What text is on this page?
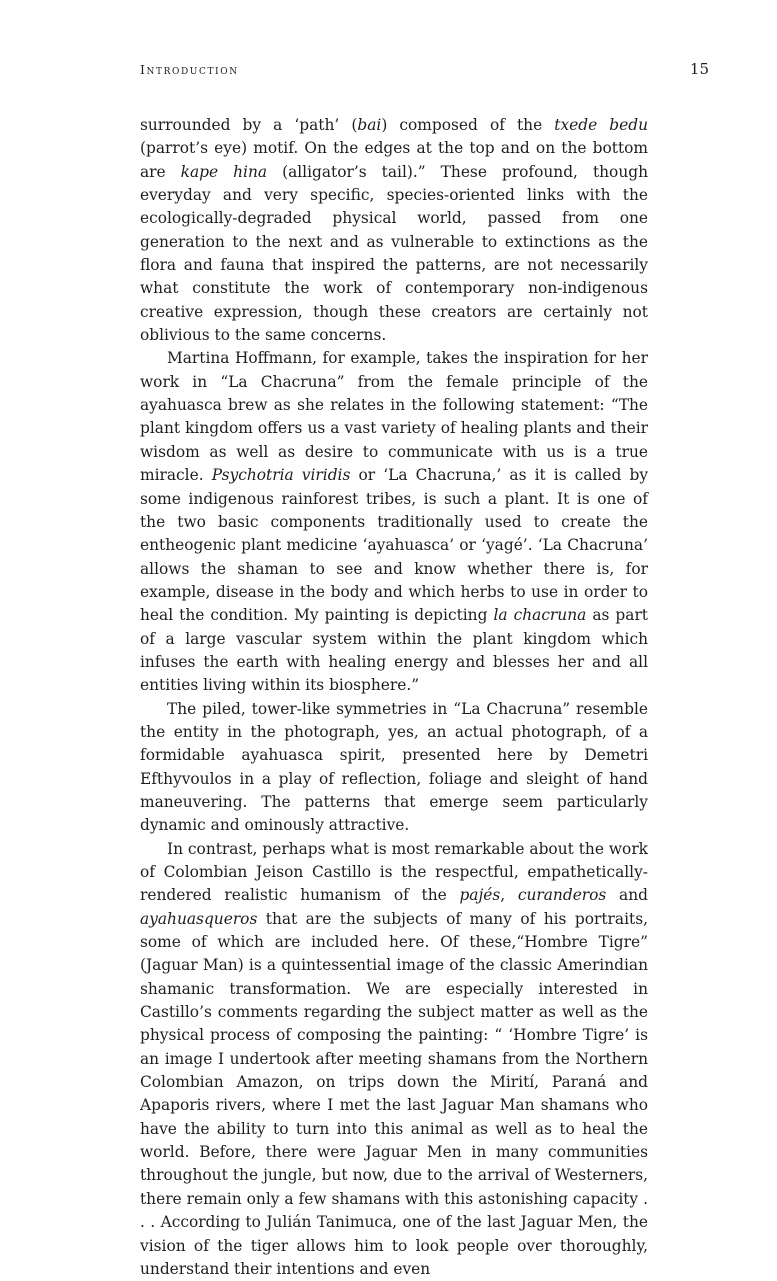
Introduction	15

surrounded by a ‘path’ (bai) composed of the txede bedu (parrot’s eye) motif. On the edges at the top and on the bottom are kape hina (alligator’s tail).” These profound, though everyday and very specific, species-oriented links with the ecologically-degraded physical world, passed from one generation to the next and as vulnerable to extinctions as the flora and fauna that inspired the patterns, are not necessarily what constitute the work of contemporary non-indigenous creative expression, though these creators are certainly not oblivious to the same concerns.

Martina Hoffmann, for example, takes the inspiration for her work in “La Chacruna” from the female principle of the ayahuasca brew as she relates in the following statement: “The plant kingdom offers us a vast variety of healing plants and their wisdom as well as desire to communicate with us is a true miracle. Psychotria viridis or ‘La Chacruna,’ as it is called by some indigenous rainforest tribes, is such a plant. It is one of the two basic components traditionally used to create the entheogenic plant medicine ‘ayahuasca’ or ‘yagé’. ‘La Chacruna’ allows the shaman to see and know whether there is, for example, disease in the body and which herbs to use in order to heal the condition. My painting is depicting la chacruna as part of a large vascular system within the plant kingdom which infuses the earth with healing energy and blesses her and all entities living within its biosphere.”

The piled, tower-like symmetries in “La Chacruna” resemble the entity in the photograph, yes, an actual photograph, of a formidable ayahuasca spirit, presented here by Demetri Efthyvoulos in a play of reflection, foliage and sleight of hand maneuvering. The patterns that emerge seem particularly dynamic and ominously attractive.

In contrast, perhaps what is most remarkable about the work of Colombian Jeison Castillo is the respectful, empathetically-rendered realistic humanism of the pajés, curanderos and ayahuasqueros that are the subjects of many of his portraits, some of which are included here. Of these,“Hombre Tigre” (Jaguar Man) is a quintessential image of the classic Amerindian shamanic transformation. We are especially interested in Castillo’s comments regarding the subject matter as well as the physical process of composing the painting: “ ‘Hombre Tigre’ is an image I undertook after meeting shamans from the Northern Colombian Amazon, on trips down the Mirití, Paraná and Apaporis rivers, where I met the last Jaguar Man shamans who have the ability to turn into this animal as well as to heal the world. Before, there were Jaguar Men in many communities throughout the jungle, but now, due to the arrival of Westerners, there remain only a few shamans with this astonishing capacity . . . According to Julián Tanimuca, one of the last Jaguar Men, the vision of the tiger allows him to look people over thoroughly, understand their intentions and even
